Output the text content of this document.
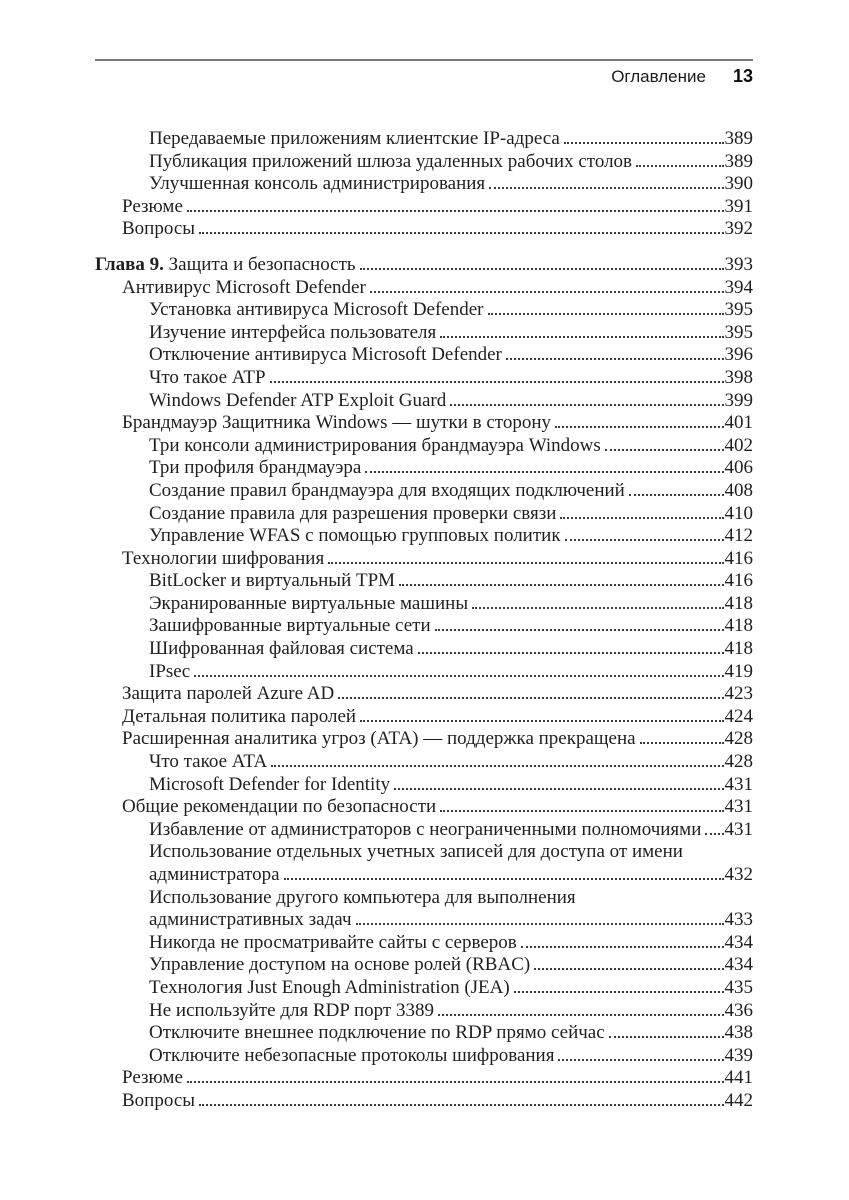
Оглавление 13
Передаваемые приложениям клиентские IP-адреса	389
Публикация приложений шлюза удаленных рабочих столов	389
Улучшенная консоль администрирования	390
Резюме	391
Вопросы	392
Глава 9. Защита и безопасность	393
Антивирус Microsoft Defender	394
Установка антивируса Microsoft Defender	395
Изучение интерфейса пользователя	395
Отключение антивируса Microsoft Defender	396
Что такое ATP	398
Windows Defender ATP Exploit Guard	399
Брандмауэр Защитника Windows — шутки в сторону	401
Три консоли администрирования брандмауэра Windows	402
Три профиля брандмауэра	406
Создание правил брандмауэра для входящих подключений	408
Создание правила для разрешения проверки связи	410
Управление WFAS с помощью групповых политик	412
Технологии шифрования	416
BitLocker и виртуальный TPM	416
Экранированные виртуальные машины	418
Зашифрованные виртуальные сети	418
Шифрованная файловая система	418
IPsec	419
Защита паролей Azure AD	423
Детальная политика паролей	424
Расширенная аналитика угроз (ATA) — поддержка прекращена	428
Что такое ATA	428
Microsoft Defender for Identity	431
Общие рекомендации по безопасности	431
Избавление от администраторов с неограниченными полномочиями 431
Использование отдельных учетных записей для доступа от имени
администратора	432
Использование другого компьютера для выполнения
административных задач	433
Никогда не просматривайте сайты с серверов	434
Управление доступом на основе ролей (RBAC)	434
Технология Just Enough Administration (JEA)	435
Не используйте для RDP порт 3389	436
Отключите внешнее подключение по RDP прямо сейчас	438
Отключите небезопасные протоколы шифрования	439
Резюме	441
Вопросы	442
